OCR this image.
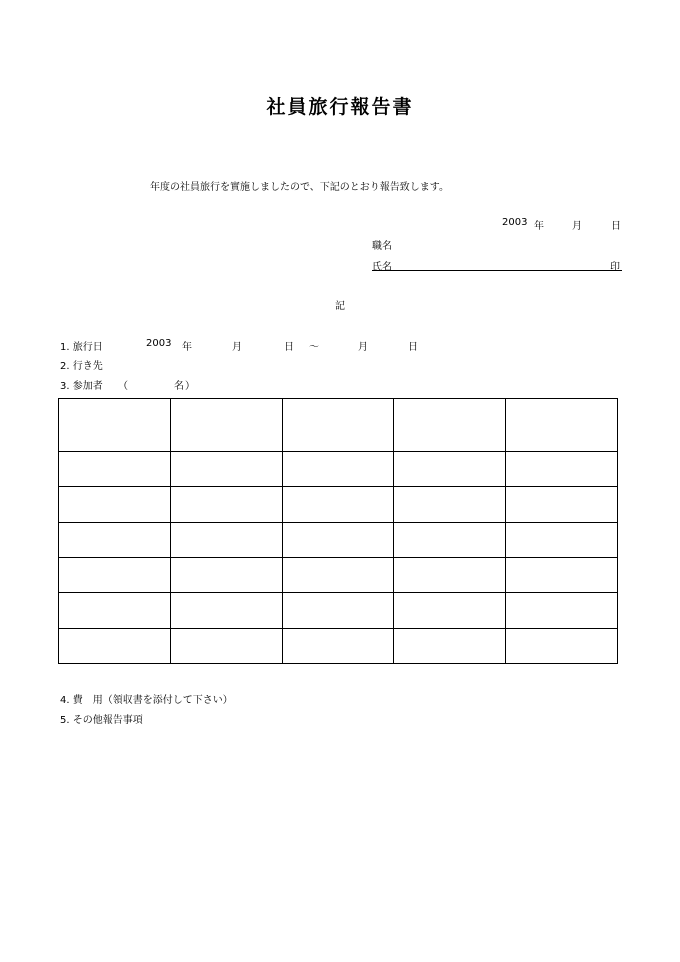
社員旅行報告書
年度の社員旅行を實施しましたので、下記のとおり報告致します。
2003 年	月	日
職名
氏名	印
記
1. 旅行日	2003 年	月	日 ～	月	日
2. 行き先
3. 参加者 （	名 ）

4. 費　用（領収書を添付して下さい）
5. その他報告事項
